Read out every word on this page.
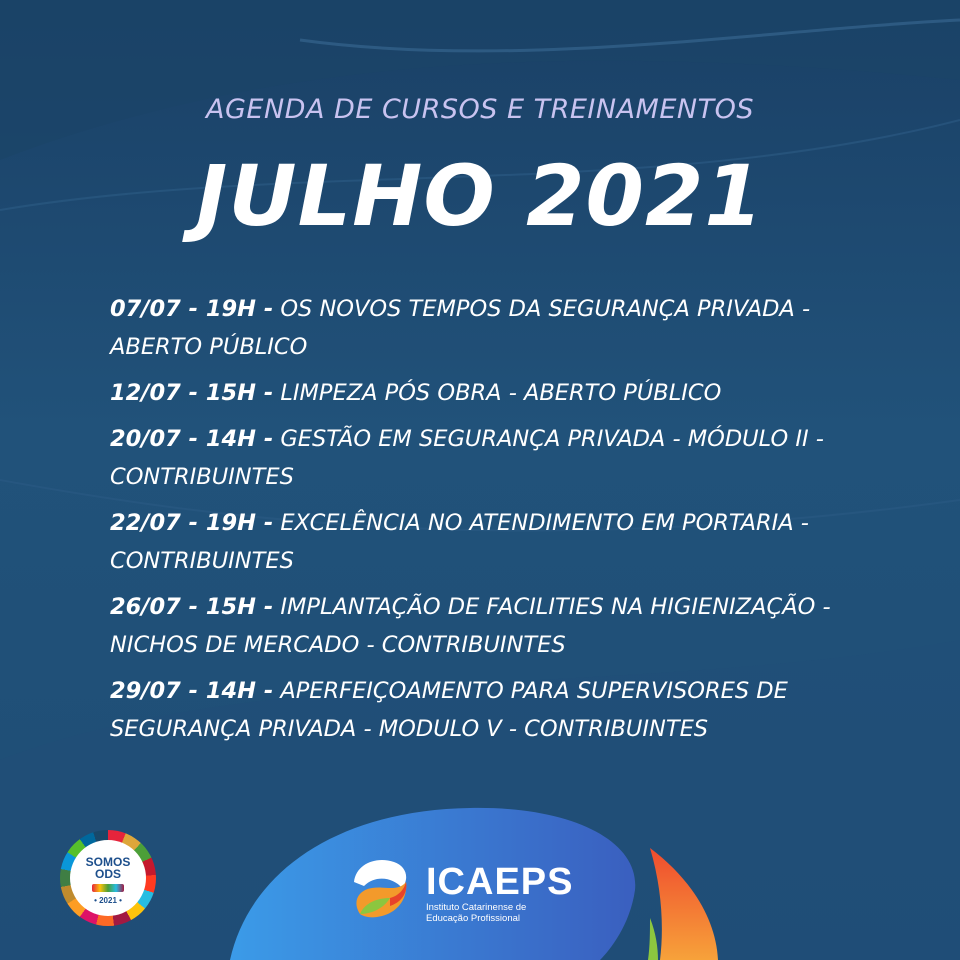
AGENDA DE CURSOS E TREINAMENTOS
JULHO 2021
07/07 - 19H - OS NOVOS TEMPOS DA SEGURANÇA PRIVADA - ABERTO PÚBLICO
12/07 - 15H - LIMPEZA PÓS OBRA - ABERTO PÚBLICO
20/07 - 14H - GESTÃO EM SEGURANÇA PRIVADA - MÓDULO II - CONTRIBUINTES
22/07 - 19H - EXCELÊNCIA NO ATENDIMENTO EM PORTARIA - CONTRIBUINTES
26/07 - 15H - IMPLANTAÇÃO DE FACILITIES NA HIGIENIZAÇÃO - NICHOS DE MERCADO - CONTRIBUINTES
29/07 - 14H - APERFEIÇOAMENTO PARA SUPERVISORES DE SEGURANÇA PRIVADA - MODULO V - CONTRIBUINTES
SOMOS
ODS
• 2021 •	ICAEPS
Instituto Catarinense de Educação Profissional
